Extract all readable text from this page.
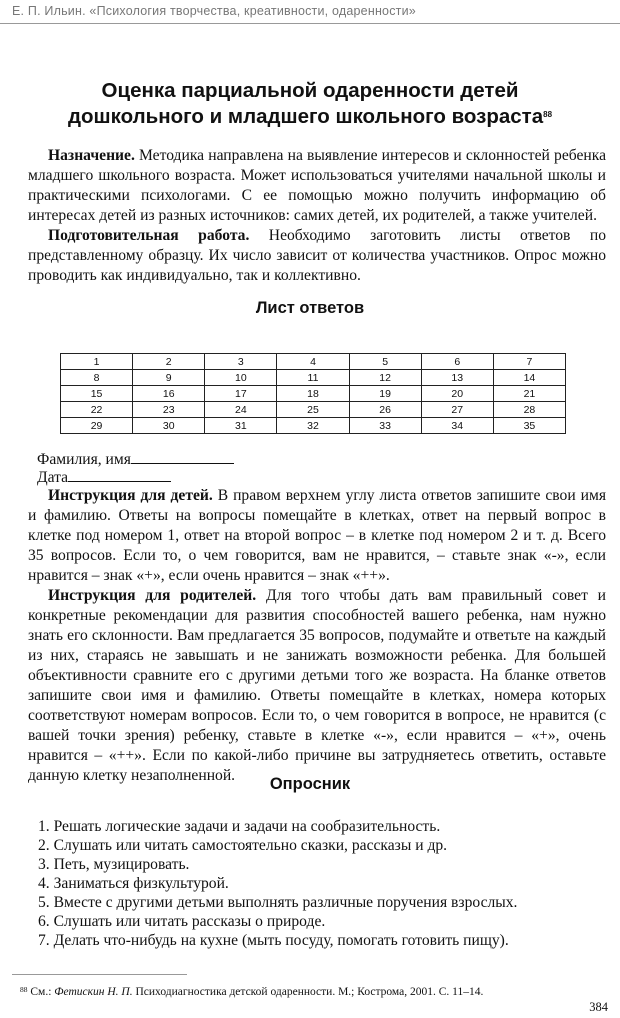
Е. П. Ильин. «Психология творчества, креативности, одаренности»
Оценка парциальной одаренности детей
дошкольного и младшего школьного возраста$^{88}$

Назначение. Методика направлена на выявление интересов и склонностей ребенка младшего школьного возраста. Может использоваться учителями начальной школы и практическими психологами. С ее помощью можно получить информацию об интересах детей из разных источников: самих детей, их родителей, а также учителей.

Подготовительная работа. Необходимо заготовить листы ответов по представленному образцу. Их число зависит от количества участников. Опрос можно проводить как индивидуально, так и коллективно.

Лист ответов
1	2	3	4	5	6	7
8	9	10	11	12	13	14
15	16	17	18	19	20	21
22	23	24	25	26	27	28
29	30	31	32	33	34	35
Фамилия, имя
Дата

Инструкция для детей. В правом верхнем углу листа ответов запишите свои имя и фамилию. Ответы на вопросы помещайте в клетках, ответ на первый вопрос в клетке под номером 1, ответ на второй вопрос – в клетке под номером 2 и т. д. Всего 35 вопросов. Если то, о чем говорится, вам не нравится, – ставьте знак «-», если нравится – знак «+», если очень нравится – знак «++».

Инструкция для родителей. Для того чтобы дать вам правильный совет и конкретные рекомендации для развития способностей вашего ребенка, нам нужно знать его склонности. Вам предлагается 35 вопросов, подумайте и ответьте на каждый из них, стараясь не завышать и не занижать возможности ребенка. Для большей объективности сравните его с другими детьми того же возраста. На бланке ответов запишите свои имя и фамилию. Ответы помещайте в клетках, номера которых соответствуют номерам вопросов. Если то, о чем говорится в вопросе, не нравится (с вашей точки зрения) ребенку, ставьте в клетке «-», если нравится – «+», очень нравится – «++». Если по какой-либо причине вы затрудняетесь ответить, оставьте данную клетку незаполненной.	Опросник
1. Решать логические задачи и задачи на сообразительность.
2. Слушать или читать самостоятельно сказки, рассказы и др.
3. Петь, музицировать.
4. Заниматься физкультурой.
5. Вместе с другими детьми выполнять различные поручения взрослых.
6. Слушать или читать рассказы о природе.
7. Делать что-нибудь на кухне (мыть посуду, помогать готовить пищу).
$^{88}$ См.: Фетискин Н. П. Психодиагностика детской одаренности. М.; Кострома, 2001. С. 11–14.
384
